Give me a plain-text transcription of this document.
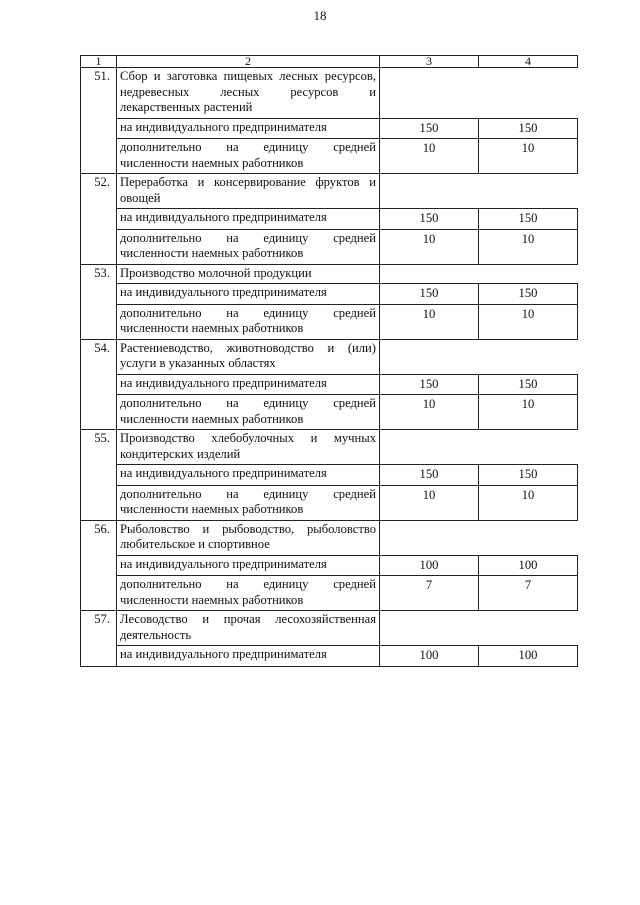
18
1	2	3	4
51.	Сбор и заготовка пищевых лесных ресурсов, недревесных лесных ресурсов и лекарственных растений		
	на индивидуального предпринимателя	150	150
	дополнительно на единицу средней численности наемных работников	10	10
52.	Переработка и консервирование фруктов и овощей		
	на индивидуального предпринимателя	150	150
	дополнительно на единицу средней численности наемных работников	10	10
53.	Производство молочной продукции		
	на индивидуального предпринимателя	150	150
	дополнительно на единицу средней численности наемных работников	10	10
54.	Растениеводство, животноводство и (или) услуги в указанных областях		
	на индивидуального предпринимателя	150	150
	дополнительно на единицу средней численности наемных работников	10	10
55.	Производство хлебобулочных и мучных кондитерских изделий		
	на индивидуального предпринимателя	150	150
	дополнительно на единицу средней численности наемных работников	10	10
56.	Рыболовство и рыбоводство, рыболовство любительское и спортивное		
	на индивидуального предпринимателя	100	100
	дополнительно на единицу средней численности наемных работников	7	7
57.	Лесоводство и прочая лесохозяйственная деятельность		
	на индивидуального предпринимателя	100	100
